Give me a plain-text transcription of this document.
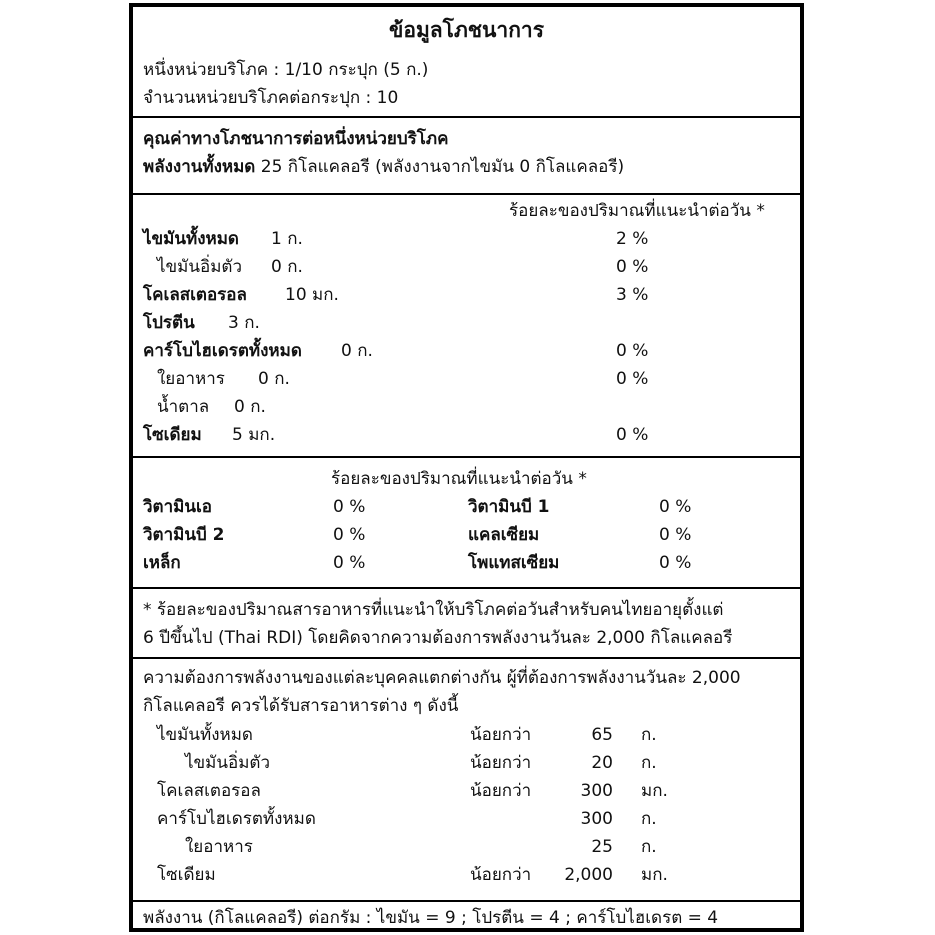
ข้อมูลโภชนาการ
หนึ่งหน่วยบริโภค : 1/10 กระปุก (5 ก.)
จำนวนหน่วยบริโภคต่อกระปุก : 10
คุณค่าทางโภชนาการต่อหนึ่งหน่วยบริโภค
พลังงานทั้งหมด 25 กิโลแคลอรี (พลังงานจากไขมัน 0 กิโลแคลอรี)
ร้อยละของปริมาณที่แนะนำต่อวัน *
ไขมันทั้งหมด 1 ก.	2 %
ไขมันอิ่มตัว 0 ก.	0 %
โคเลสเตอรอล 10 มก.	3 %
โปรตีน 3 ก.
คาร์โบไฮเดรตทั้งหมด 0 ก.	0 %
ใยอาหาร 0 ก.	0 %
น้ำตาล 0 ก.
โซเดียม 5 มก.	0 %
ร้อยละของปริมาณที่แนะนำต่อวัน *
วิตามินเอ	0 %	วิตามินบี 1	0 %
วิตามินบี 2	0 %	แคลเซียม	0 %
เหล็ก	0 %	โพแทสเซียม	0 %
* ร้อยละของปริมาณสารอาหารที่แนะนำให้บริโภคต่อวันสำหรับคนไทยอายุตั้งแต่
6 ปีขึ้นไป (Thai RDI) โดยคิดจากความต้องการพลังงานวันละ 2,000 กิโลแคลอรี
ความต้องการพลังงานของแต่ละบุคคลแตกต่างกัน ผู้ที่ต้องการพลังงานวันละ 2,000
กิโลแคลอรี ควรได้รับสารอาหารต่าง ๆ ดังนี้
ไขมันทั้งหมด	น้อยกว่า	65 ก.
ไขมันอิ่มตัว	น้อยกว่า	20 ก.
โคเลสเตอรอล	น้อยกว่า	300 มก.
คาร์โบไฮเดรตทั้งหมด	300 ก.
ใยอาหาร	25 ก.
โซเดียม	น้อยกว่า	2,000 มก.
พลังงาน (กิโลแคลอรี) ต่อกรัม : ไขมัน = 9 ; โปรตีน = 4 ; คาร์โบไฮเดรต = 4
